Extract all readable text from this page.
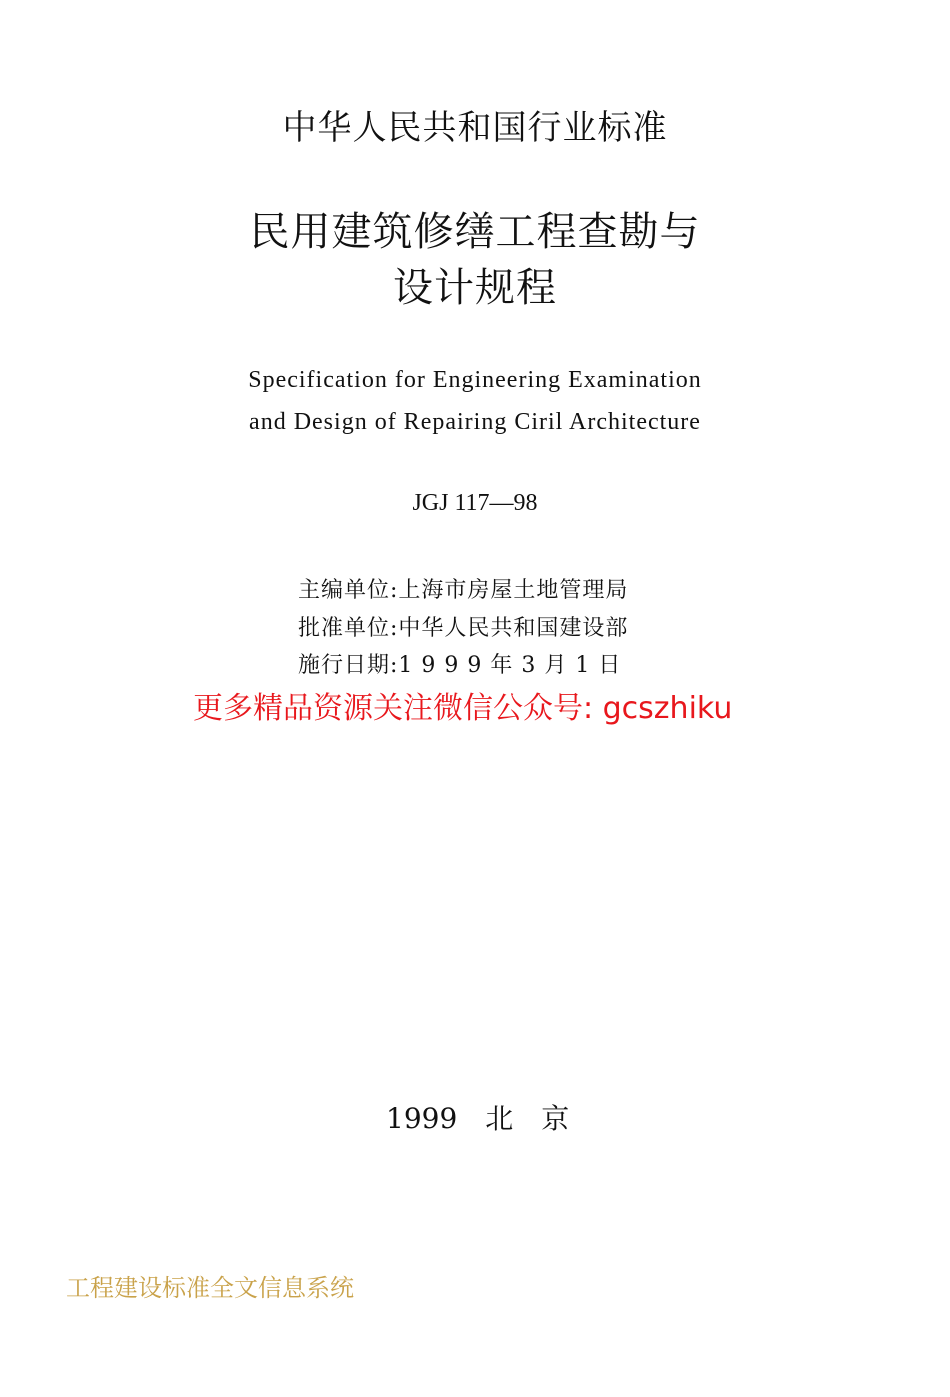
中华人民共和国行业标准
民用建筑修缮工程查勘与
设计规程
Specification for Engineering Examination
and Design of Repairing Ciril Architecture
JGJ 117—98
主编单位:上海市房屋土地管理局
批准单位:中华人民共和国建设部
施行日期:1 9 9 9 年 3 月 1 日
更多精品资源关注微信公众号: gcszhiku
1999　北　京
工程建设标准全文信息系统
